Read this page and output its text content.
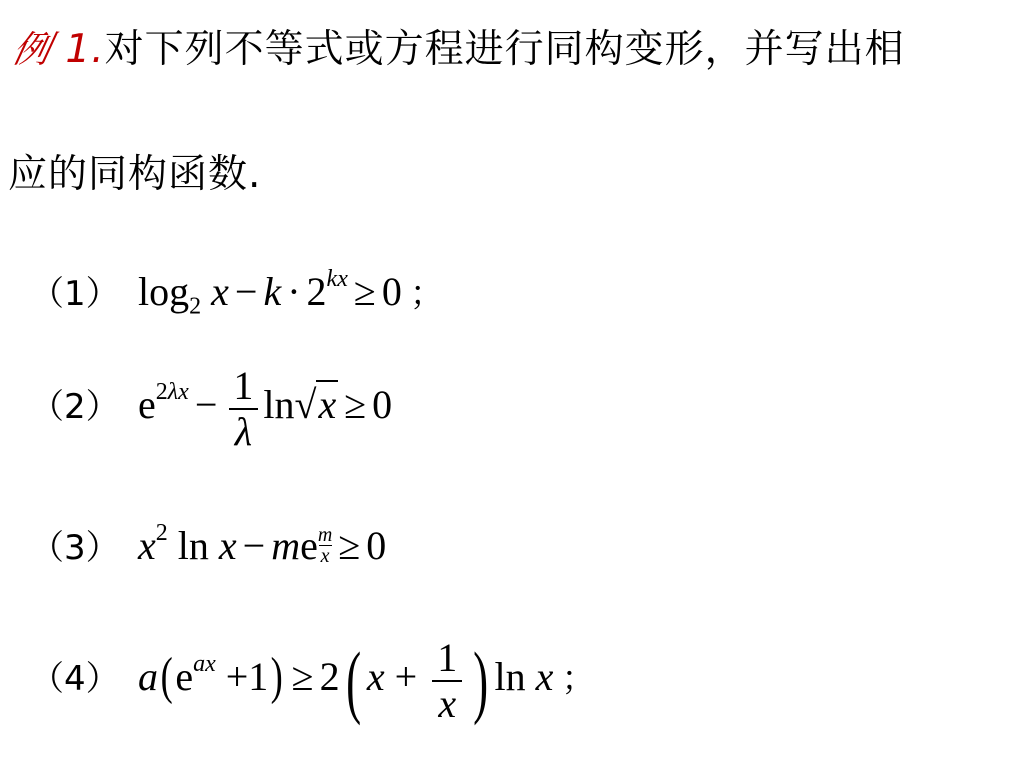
例 1.对下列不等式或方程进行同构变形，并写出相
应的同构函数.
（1） $\log_2 x - k \cdot 2^{kx} \ge 0$ ；
（2） $e^{2\lambda x} - \frac{1}{\lambda} \ln√x \ge 0$
（3） $x^2$ ln x − me $\frac{m}{x} \ge 0$
（4） $a(e^{ax} +1) \ge 2$( $x + \frac{1}{x}$ ) ln x ；
